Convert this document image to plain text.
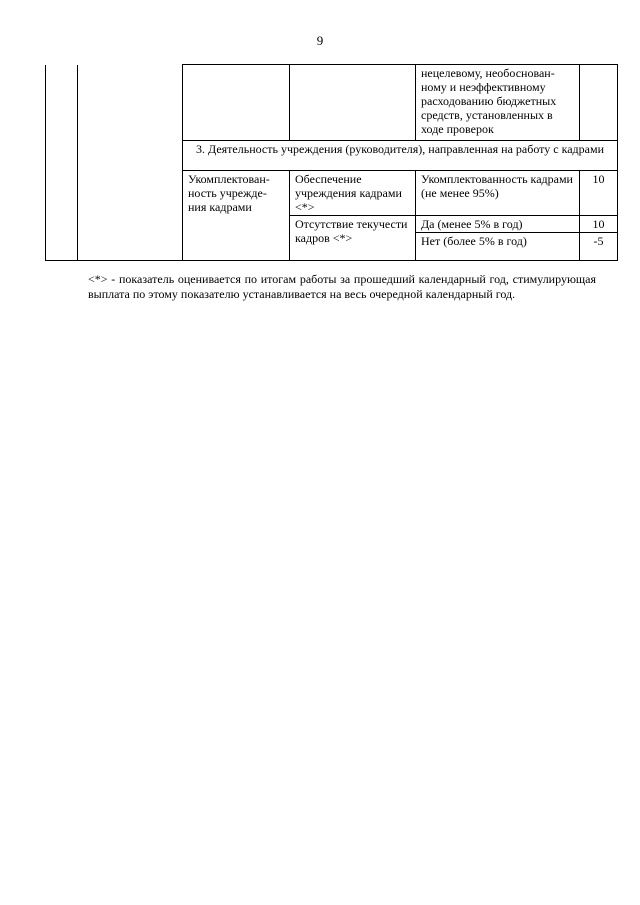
9
				нецелевому, необоснован-ному и неэффективному расходованию бюджетных средств, установленных в ходе проверок	
		3. Деятельность учреждения (руководителя), направленная на работу с кадрами			
		Укомплектован-ность учрежде-ния кадрами	Обеспечение учреждения кадрами <*>	Укомплектованность кадрами (не менее 95%)	10
			Отсутствие текучести кадров <*>	Да (менее 5% в год)	10
				Нет (более 5% в год)	-5
<*> - показатель оценивается по итогам работы за прошедший календарный год, стимулирующая выплата по этому показателю устанавливается на весь очередной календарный год.
